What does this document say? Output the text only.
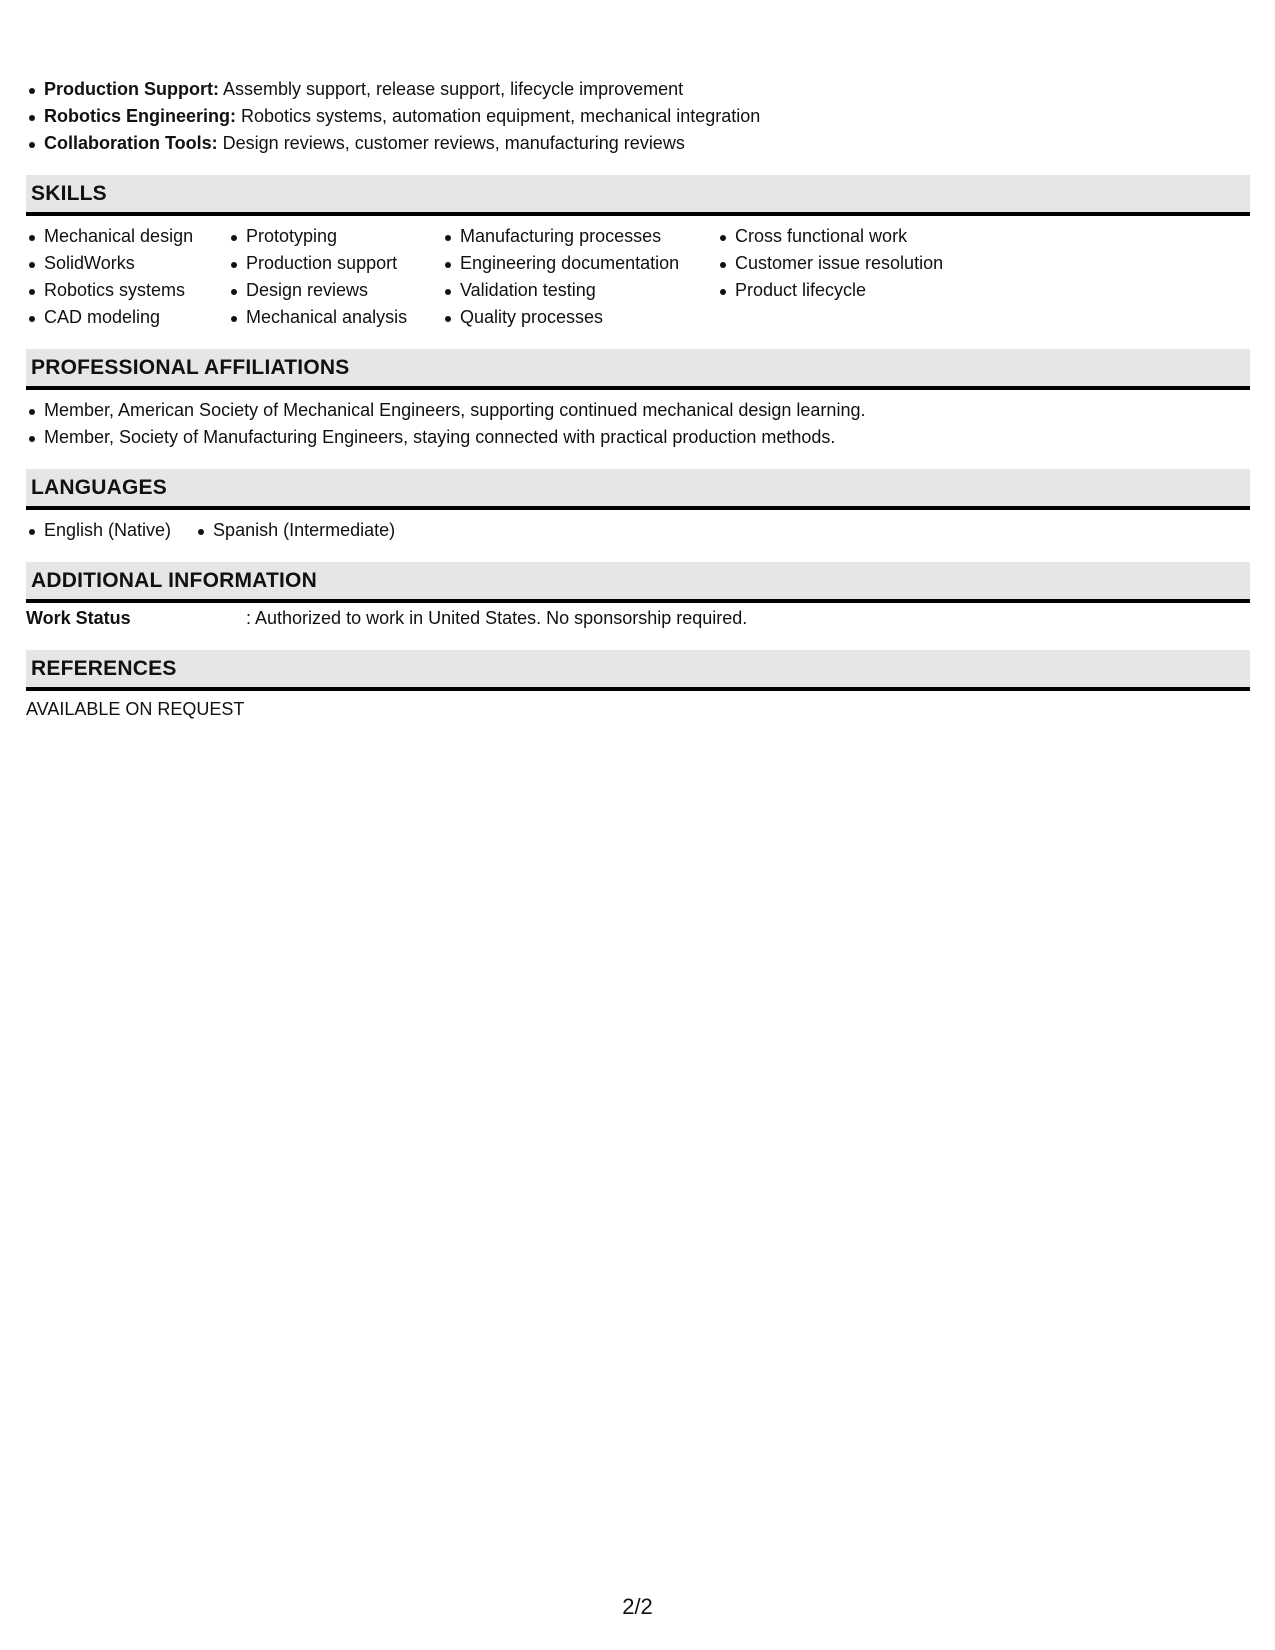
Production Support: Assembly support, release support, lifecycle improvement
Robotics Engineering: Robotics systems, automation equipment, mechanical integration
Collaboration Tools: Design reviews, customer reviews, manufacturing reviews
SKILLS
Mechanical design
SolidWorks
Robotics systems
CAD modeling
Prototyping
Production support
Design reviews
Mechanical analysis
Manufacturing processes
Engineering documentation
Validation testing
Quality processes
Cross functional work
Customer issue resolution
Product lifecycle
PROFESSIONAL AFFILIATIONS
Member, American Society of Mechanical Engineers, supporting continued mechanical design learning.
Member, Society of Manufacturing Engineers, staying connected with practical production methods.
LANGUAGES
English (Native)	Spanish (Intermediate)
ADDITIONAL INFORMATION
Work Status	: Authorized to work in United States. No sponsorship required.
REFERENCES
AVAILABLE ON REQUEST
2/2
